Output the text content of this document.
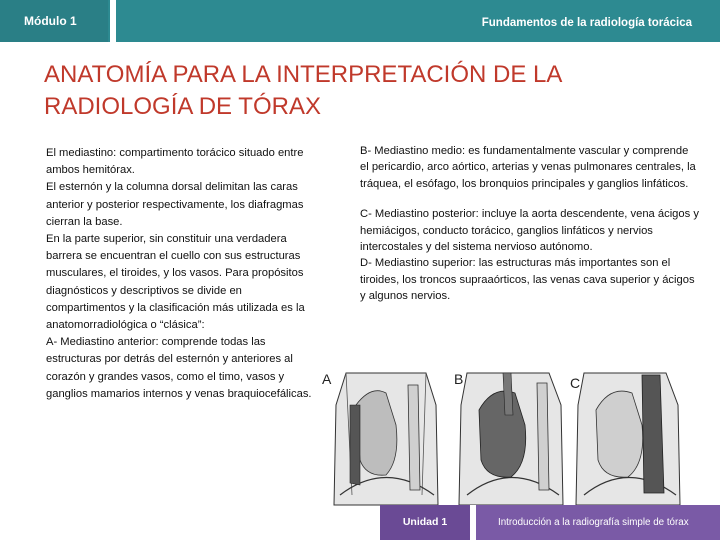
Módulo 1	Fundamentos de la radiología torácica
ANATOMÍA PARA LA INTERPRETACIÓN DE LA RADIOLOGÍA DE TÓRAX

El mediastino: compartimento torácico situado entre ambos hemitórax.

El esternón y la columna dorsal delimitan las caras anterior y posterior respectivamente, los diafragmas cierran la base.

En la parte superior, sin constituir una verdadera barrera se encuentran el cuello con sus estructuras musculares, el tiroides, y los vasos. Para propósitos diagnósticos y descriptivos se divide en compartimentos y la clasificación más utilizada es la anatomorradiológica o “clásica”:

A- Mediastino anterior: comprende todas las estructuras por detrás del esternón y anteriores al corazón y grandes vasos, como el timo, vasos y ganglios mamarios internos y venas braquiocefálicas.

B- Mediastino medio: es fundamentalmente vascular y comprende el pericardio, arco aórtico, arterias y venas pulmonares centrales, la tráquea, el esófago, los bronquios principales y ganglios linfáticos.

C- Mediastino posterior: incluye la aorta descendente, vena ácigos y hemiácigos, conducto torácico, ganglios linfáticos y nervios intercostales y del sistema nervioso autónomo.

D- Mediastino superior: las estructuras más importantes son el tiroides, los troncos supraaórticos, las venas cava superior y ácigos y algunos nervios.

A	B	C
Unidad 1	Introducción a la radiografía simple de tórax
